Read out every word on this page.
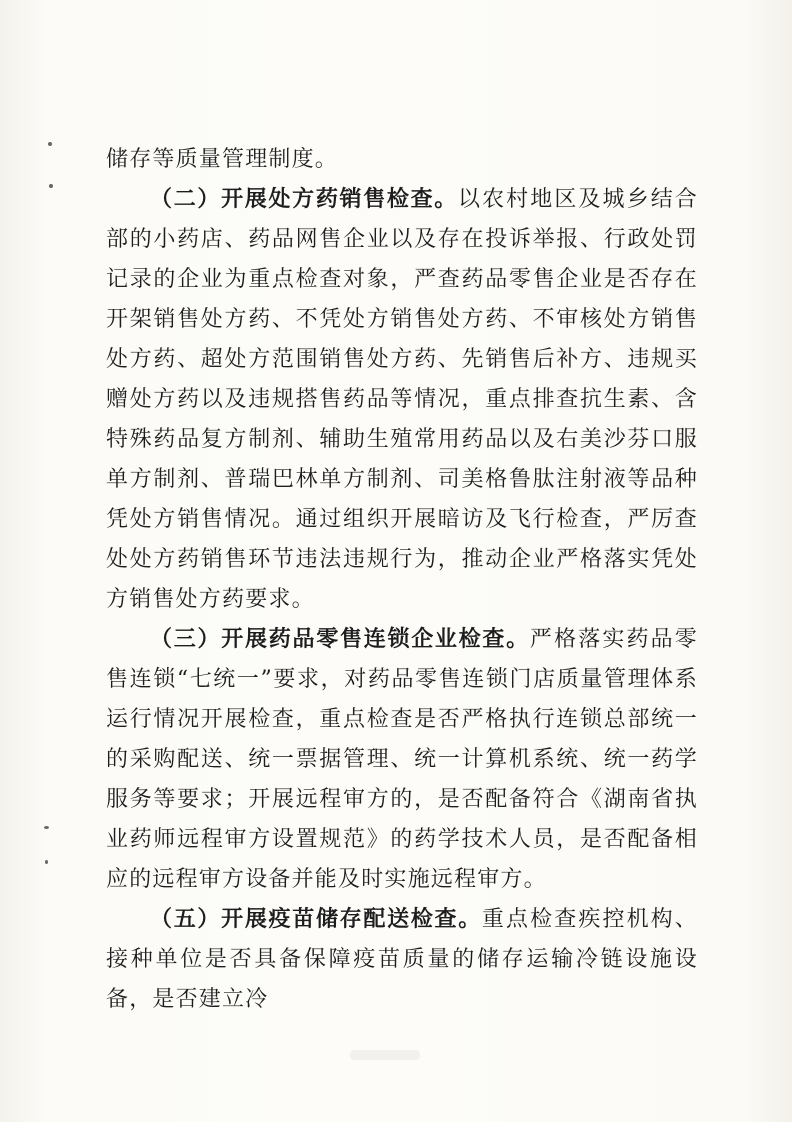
储存等质量管理制度。

（二）开展处方药销售检查。以农村地区及城乡结合部的小药店、药品网售企业以及存在投诉举报、行政处罚记录的企业为重点检查对象，严查药品零售企业是否存在开架销售处方药、不凭处方销售处方药、不审核处方销售处方药、超处方范围销售处方药、先销售后补方、违规买赠处方药以及违规搭售药品等情况，重点排查抗生素、含特殊药品复方制剂、辅助生殖常用药品以及右美沙芬口服单方制剂、普瑞巴林单方制剂、司美格鲁肽注射液等品种凭处方销售情况。通过组织开展暗访及飞行检查，严厉查处处方药销售环节违法违规行为，推动企业严格落实凭处方销售处方药要求。

（三）开展药品零售连锁企业检查。严格落实药品零售连锁“七统一”要求，对药品零售连锁门店质量管理体系运行情况开展检查，重点检查是否严格执行连锁总部统一的采购配送、统一票据管理、统一计算机系统、统一药学服务等要求；开展远程审方的，是否配备符合《湖南省执业药师远程审方设置规范》的药学技术人员，是否配备相应的远程审方设备并能及时实施远程审方。

（五）开展疫苗储存配送检查。重点检查疾控机构、接种单位是否具备保障疫苗质量的储存运输冷链设施设备，是否建立冷
